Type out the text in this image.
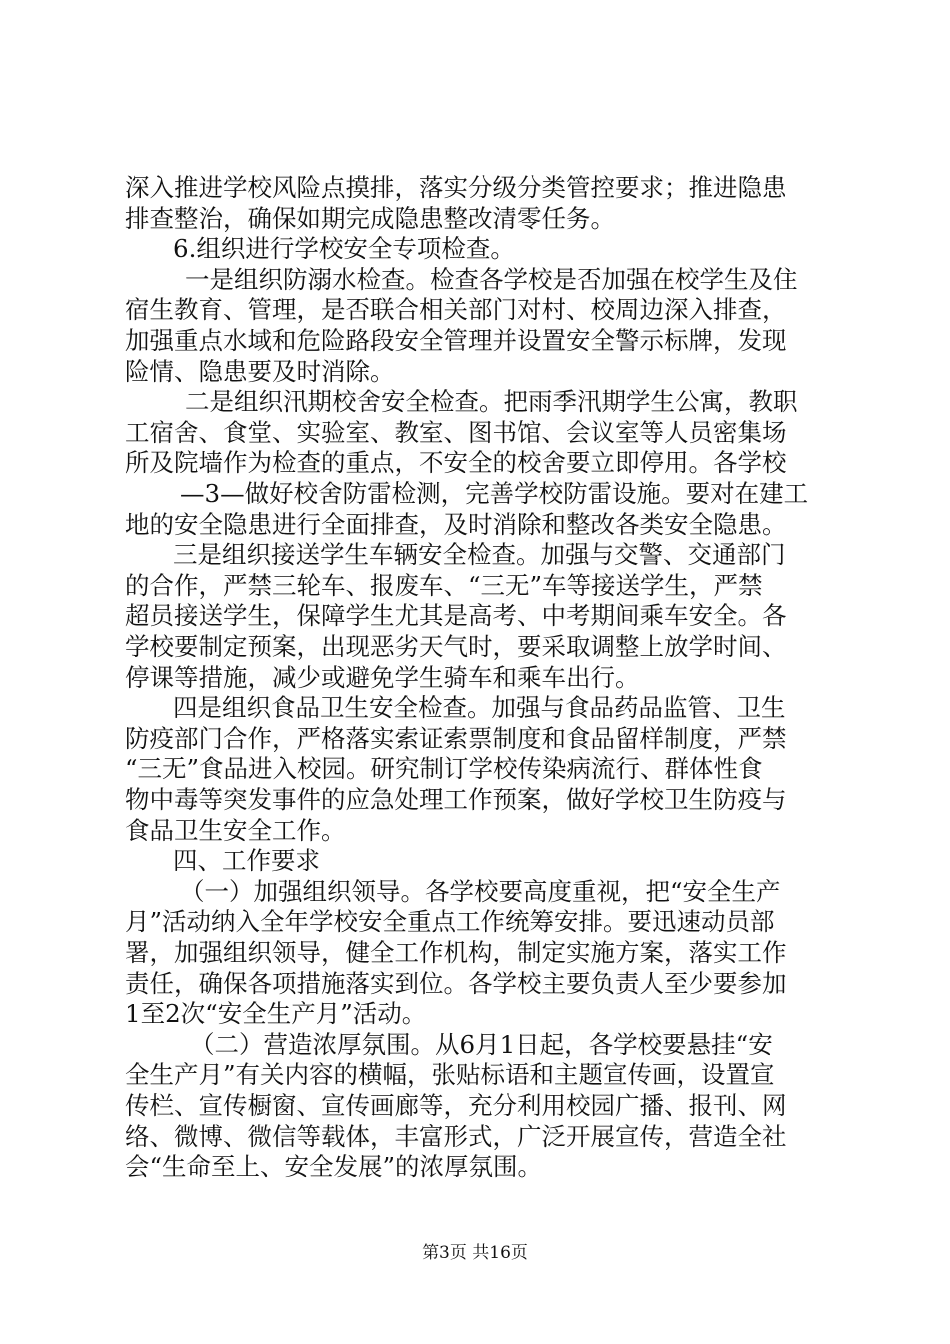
深入推进学校风险点摸排，落实分级分类管控要求；推进隐患
排查整治，确保如期完成隐患整改清零任务。
6.组织进行学校安全专项检查。
一是组织防溺水检查。检查各学校是否加强在校学生及住
宿生教育、管理，是否联合相关部门对村、校周边深入排查，
加强重点水域和危险路段安全管理并设置安全警示标牌，发现
险情、隐患要及时消除。
二是组织汛期校舍安全检查。把雨季汛期学生公寓，教职
工宿舍、食堂、实验室、教室、图书馆、会议室等人员密集场
所及院墙作为检查的重点，不安全的校舍要立即停用。各学校
—3—做好校舍防雷检测，完善学校防雷设施。要对在建工
地的安全隐患进行全面排查，及时消除和整改各类安全隐患。
三是组织接送学生车辆安全检查。加强与交警、交通部门
的合作，严禁三轮车、报废车、“三无”车等接送学生，严禁
超员接送学生，保障学生尤其是高考、中考期间乘车安全。各
学校要制定预案，出现恶劣天气时，要采取调整上放学时间、
停课等措施，减少或避免学生骑车和乘车出行。
四是组织食品卫生安全检查。加强与食品药品监管、卫生
防疫部门合作，严格落实索证索票制度和食品留样制度，严禁
“三无”食品进入校园。研究制订学校传染病流行、群体性食
物中毒等突发事件的应急处理工作预案，做好学校卫生防疫与
食品卫生安全工作。
四、工作要求
（一）加强组织领导。各学校要高度重视，把“安全生产
月”活动纳入全年学校安全重点工作统筹安排。要迅速动员部
署，加强组织领导，健全工作机构，制定实施方案，落实工作
责任，确保各项措施落实到位。各学校主要负责人至少要参加
1至2次“安全生产月”活动。
（二）营造浓厚氛围。从6月1日起，各学校要悬挂“安
全生产月”有关内容的横幅，张贴标语和主题宣传画，设置宣
传栏、宣传橱窗、宣传画廊等，充分利用校园广播、报刊、网
络、微博、微信等载体，丰富形式，广泛开展宣传，营造全社
会“生命至上、安全发展”的浓厚氛围。
第3页 共16页
